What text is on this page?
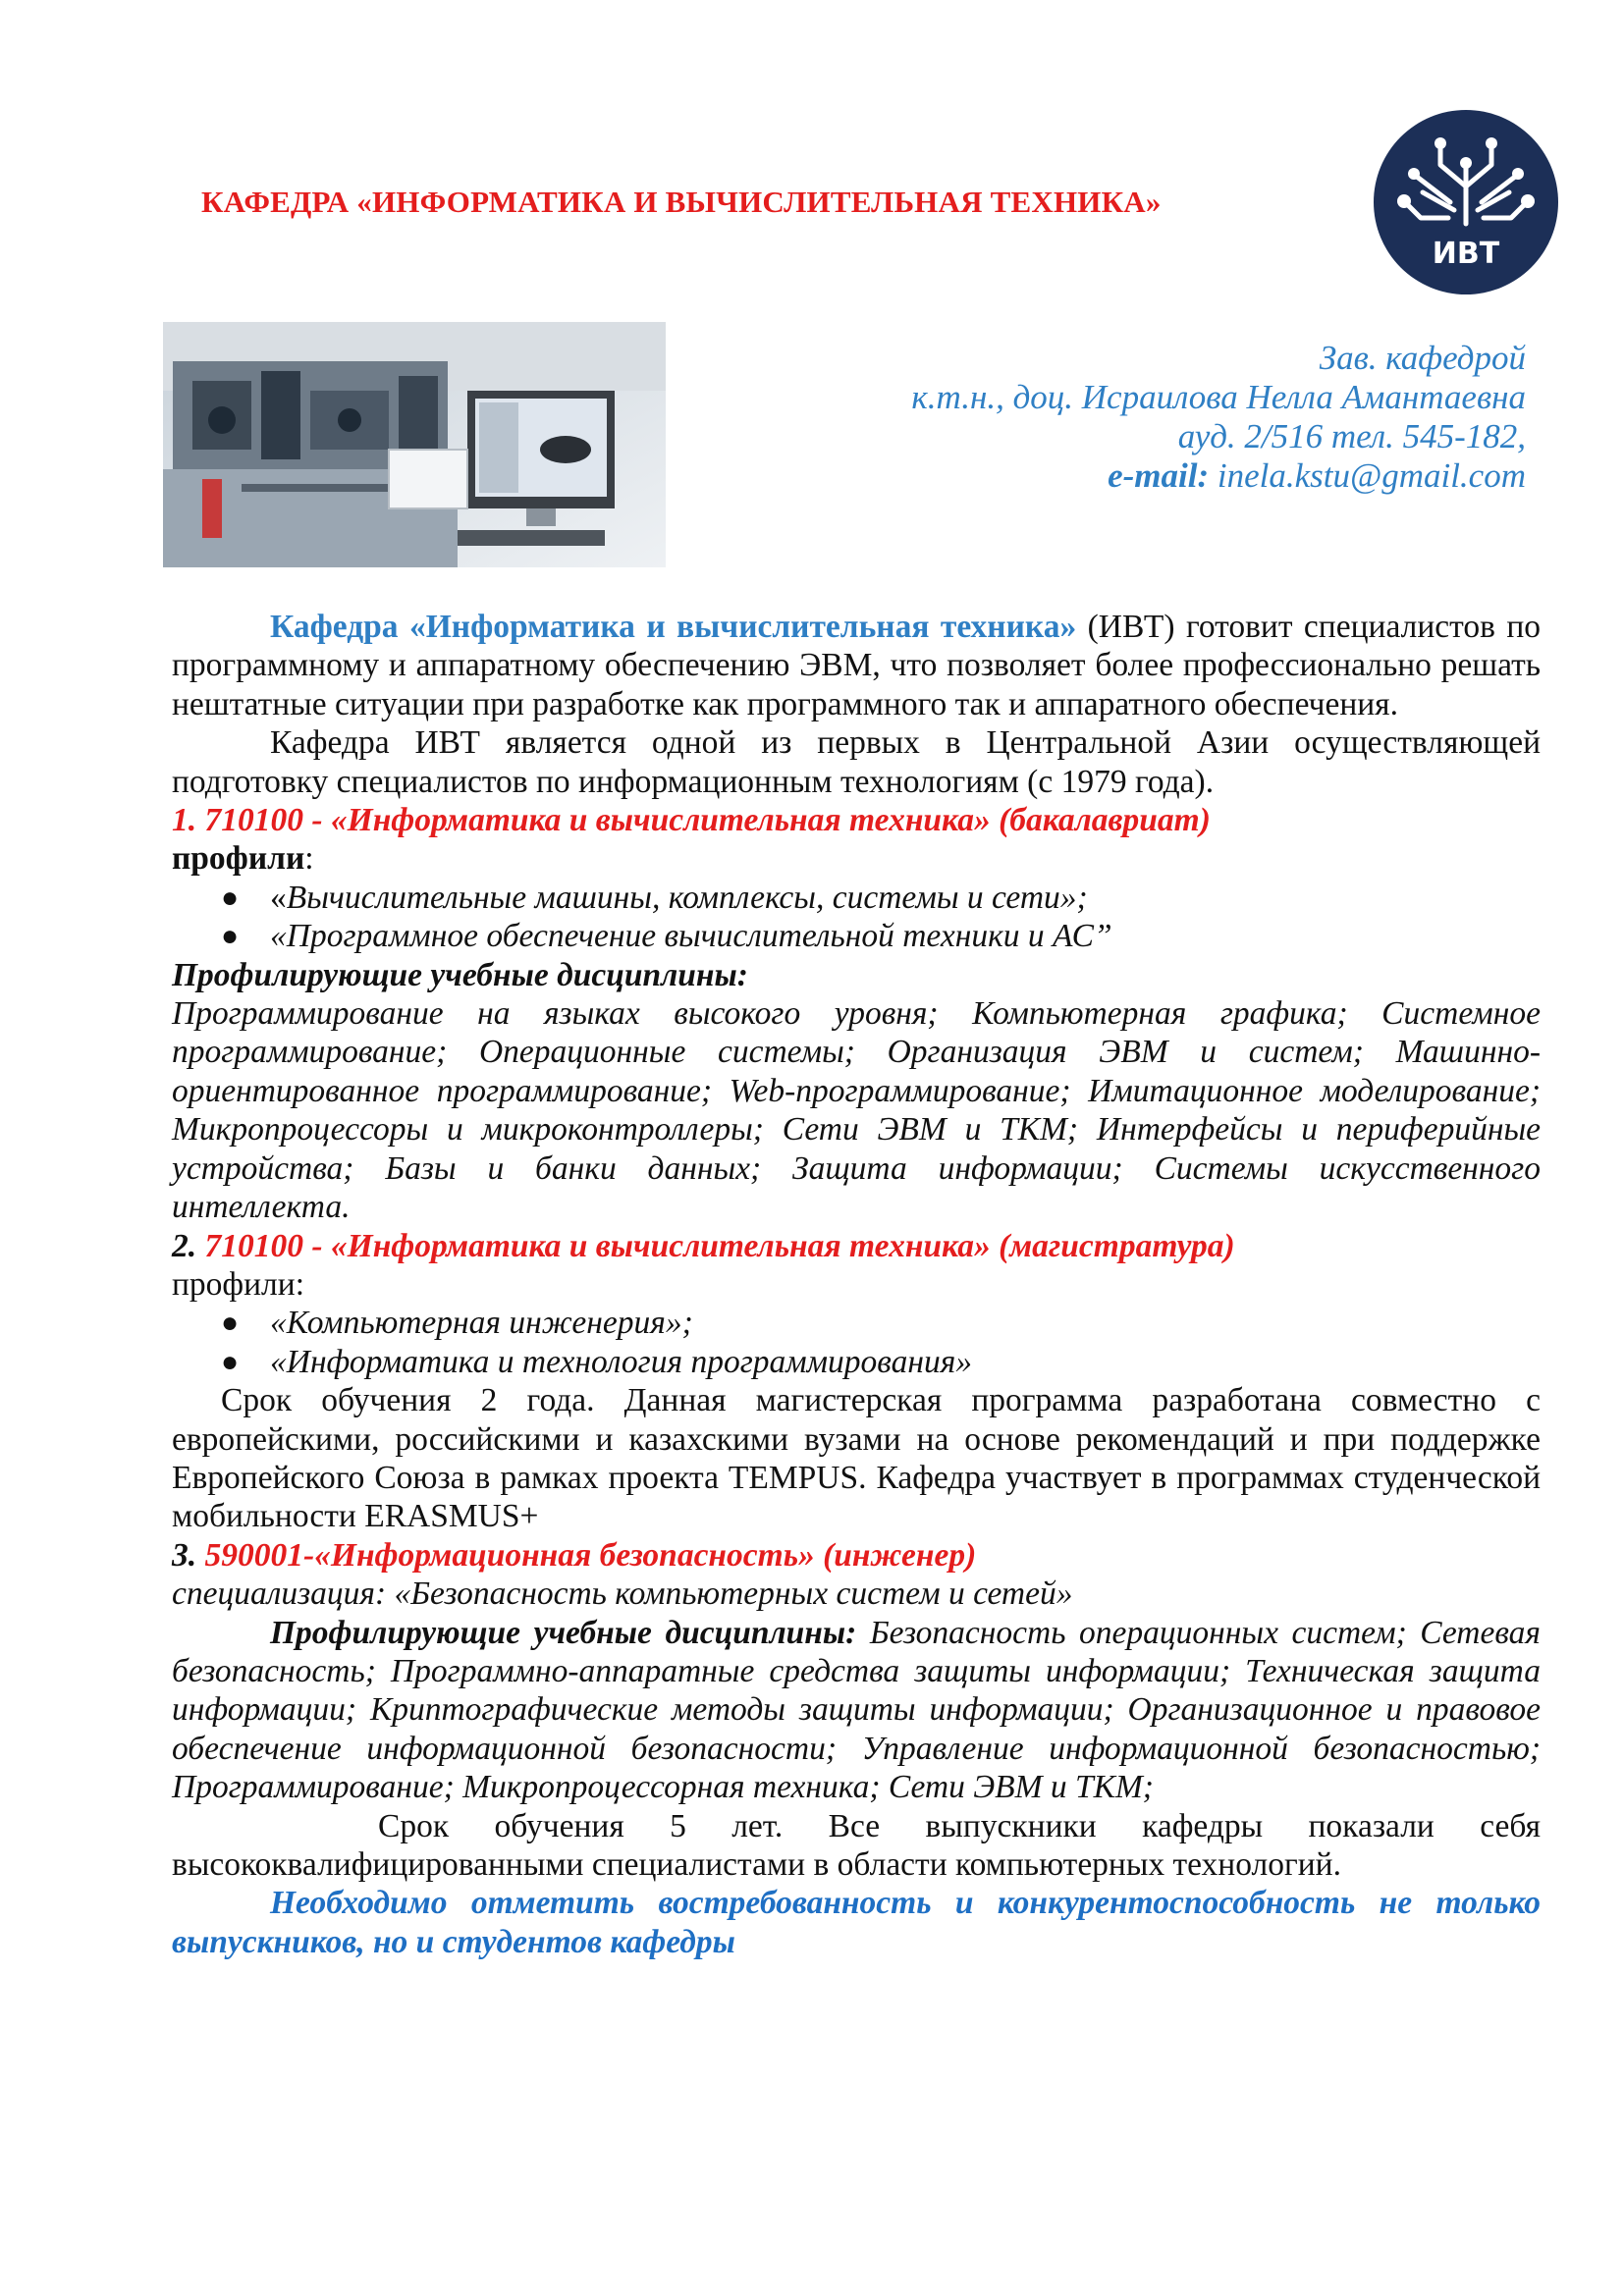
КАФЕДРА «ИНФОРМАТИКА И ВЫЧИСЛИТЕЛЬНАЯ ТЕХНИКА»
ИВТ
Зав. кафедрой
к.т.н., доц. Исраилова Нелла Амантаевна
ауд. 2/516 тел. 545-182,
e-mail: inela.kstu@gmail.com

Кафедра «Информатика и вычислительная техника» (ИВТ) готовит специалистов по программному и аппаратному обеспечению ЭВМ, что позволяет более профессионально решать нештатные ситуации при разработке как программного так и аппаратного обеспечения.

Кафедра ИВТ является одной из первых в Центральной Азии осуществляющей подготовку специалистов по информационным технологиям (с 1979 года).

1. 710100 - «Информатика и вычислительная техника» (бакалавриат)

профили:

● «Вычислительные машины, комплексы, системы и сети»;
● «Программное обеспечение вычислительной техники и АС”

Профилирующие учебные дисциплины:

Программирование на языках высокого уровня; Компьютерная графика; Системное программирование; Операционные системы; Организация ЭВМ и систем; Машинно-ориентированное программирование; Web-программирование; Имитационное моделирование; Микропроцессоры и микроконтроллеры; Сети ЭВМ и ТКМ; Интерфейсы и периферийные устройства; Базы и банки данных; Защита информации; Системы искусственного интеллекта.

2. 710100 - «Информатика и вычислительная техника» (магистратура)

профили:

● «Компьютерная инженерия»;
● «Информатика и технология программирования»

Срок обучения 2 года. Данная магистерская программа разработана совместно с европейскими, российскими и казахскими вузами на основе рекомендаций и при поддержке Европейского Союза в рамках проекта TEMPUS. Кафедра участвует в программах студенческой мобильности ERASMUS+

3. 590001-«Информационная безопасность» (инженер)

специализация: «Безопасность компьютерных систем и сетей»

Профилирующие учебные дисциплины: Безопасность операционных систем; Сетевая безопасность; Программно-аппаратные средства защиты информации; Техническая защита информации; Криптографические методы защиты информации; Организационное и правовое обеспечение информационной безопасности; Управление информационной безопасностью; Программирование; Микропроцессорная техника; Сети ЭВМ и ТКМ;

Срок обучения 5 лет. Все выпускники кафедры показали себя высококвалифицированными специалистами в области компьютерных технологий.

Необходимо отметить востребованность и конкурентоспособность не только выпускников, но и студентов кафедры
